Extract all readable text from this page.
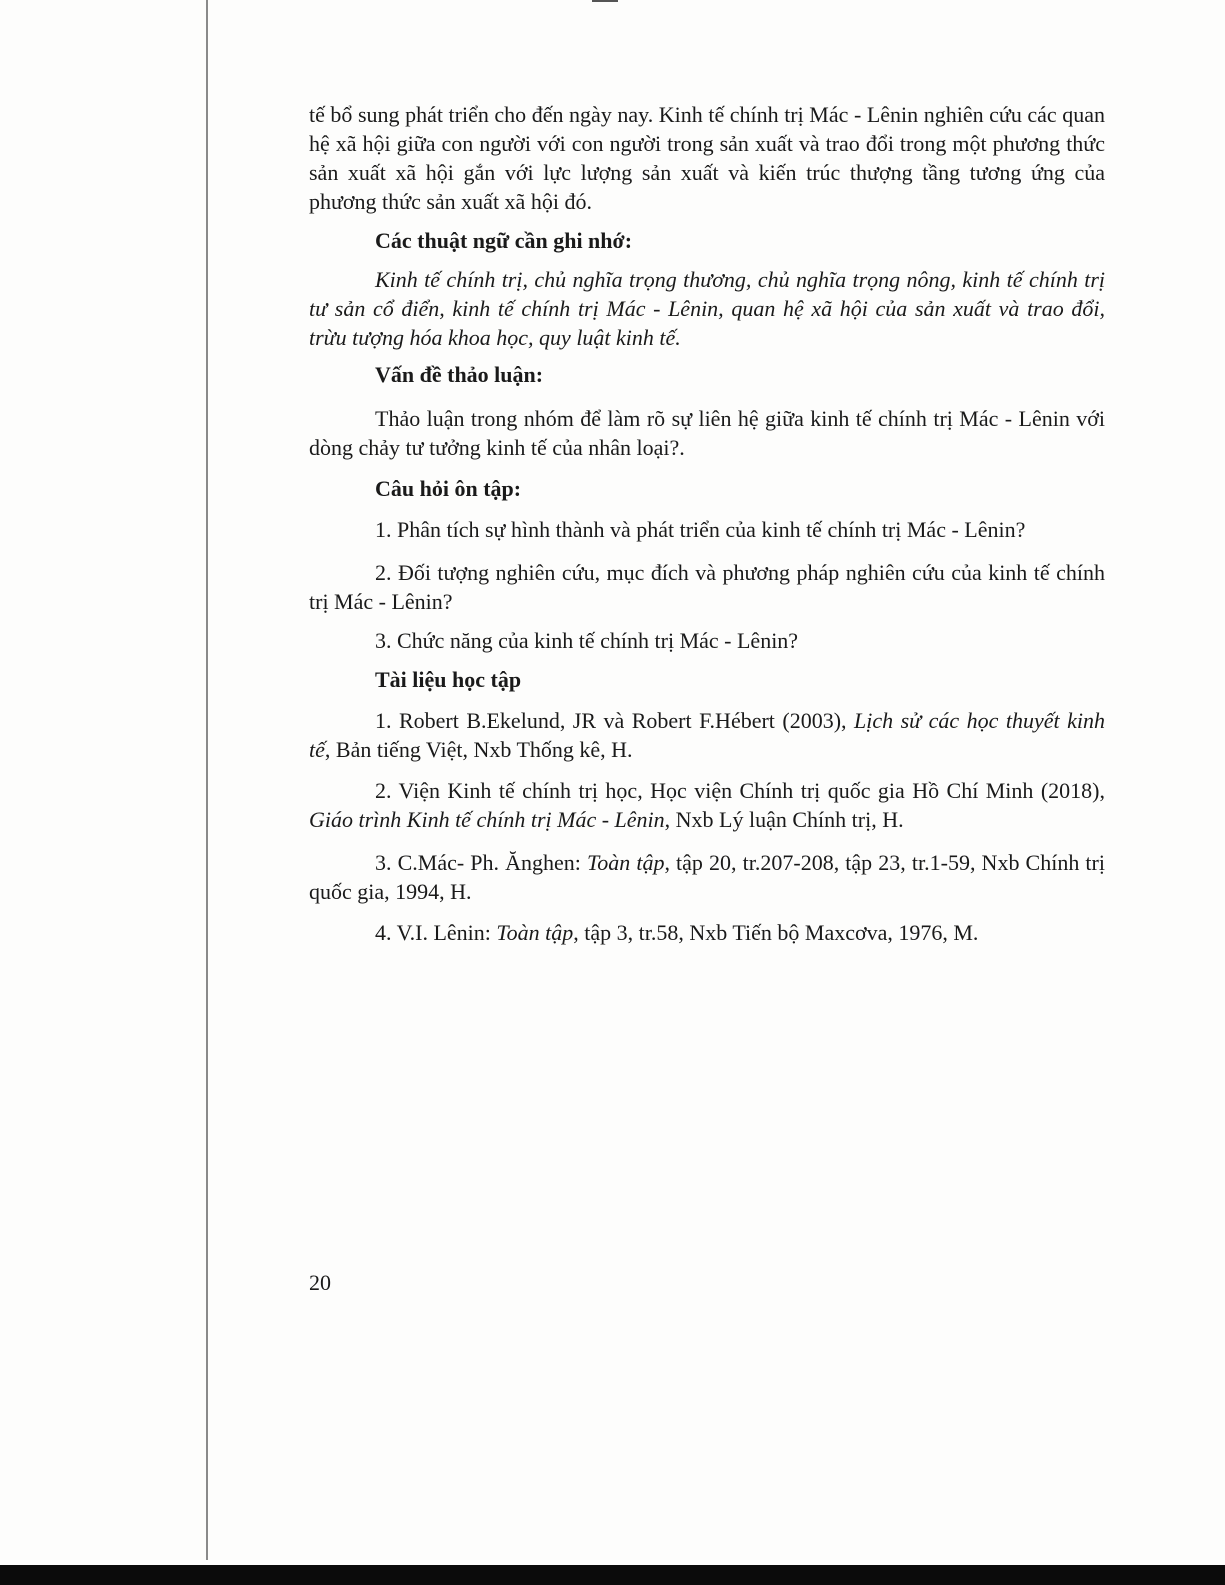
tế bổ sung phát triển cho đến ngày nay. Kinh tế chính trị Mác - Lênin nghiên cứu các quan hệ xã hội giữa con người với con người trong sản xuất và trao đổi trong một phương thức sản xuất xã hội gắn với lực lượng sản xuất và kiến trúc thượng tầng tương ứng của phương thức sản xuất xã hội đó.

Các thuật ngữ cần ghi nhớ:

Kinh tế chính trị, chủ nghĩa trọng thương, chủ nghĩa trọng nông, kinh tế chính trị tư sản cổ điển, kinh tế chính trị Mác - Lênin, quan hệ xã hội của sản xuất và trao đổi, trừu tượng hóa khoa học, quy luật kinh tế.

Vấn đề thảo luận:

Thảo luận trong nhóm để làm rõ sự liên hệ giữa kinh tế chính trị Mác - Lênin với dòng chảy tư tưởng kinh tế của nhân loại?.

Câu hỏi ôn tập:

1. Phân tích sự hình thành và phát triển của kinh tế chính trị Mác - Lênin?

2. Đối tượng nghiên cứu, mục đích và phương pháp nghiên cứu của kinh tế chính trị Mác - Lênin?

3. Chức năng của kinh tế chính trị Mác - Lênin?

Tài liệu học tập

1. Robert B.Ekelund, JR và Robert F.Hébert (2003), Lịch sử các học thuyết kinh tế, Bản tiếng Việt, Nxb Thống kê, H.

2. Viện Kinh tế chính trị học, Học viện Chính trị quốc gia Hồ Chí Minh (2018), Giáo trình Kinh tế chính trị Mác - Lênin, Nxb Lý luận Chính trị, H.

3. C.Mác- Ph. Ănghen: Toàn tập, tập 20, tr.207-208, tập 23, tr.1-59, Nxb Chính trị quốc gia, 1994, H.

4. V.I. Lênin: Toàn tập, tập 3, tr.58, Nxb Tiến bộ Maxcơva, 1976, M.

20
